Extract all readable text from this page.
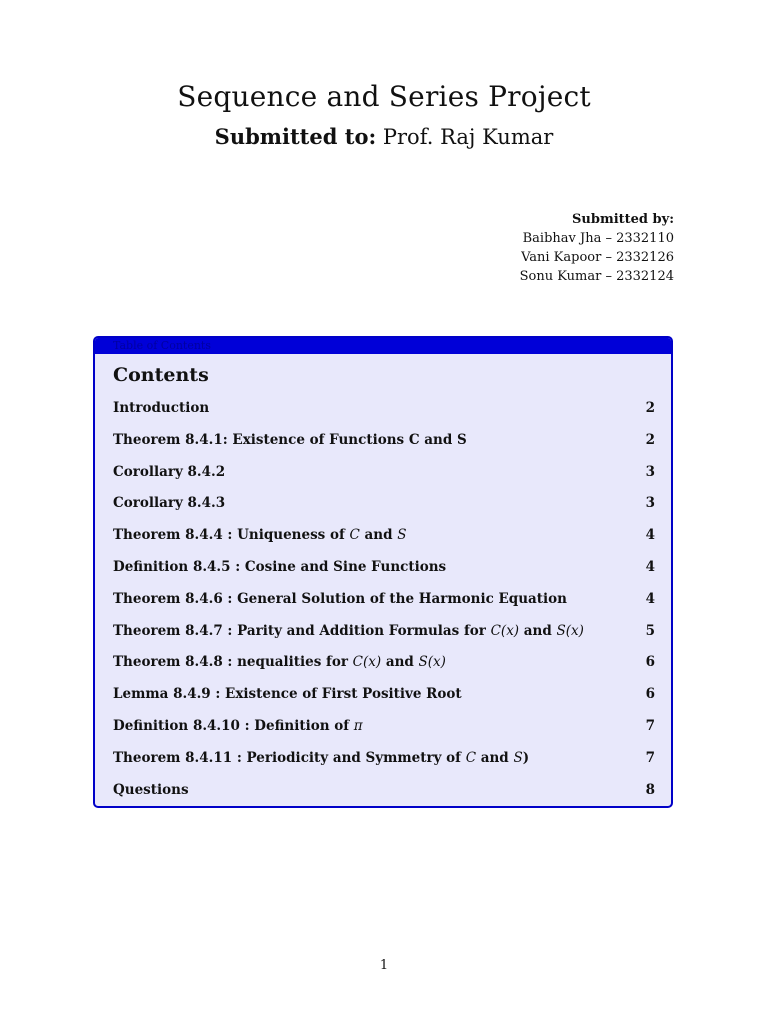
Sequence and Series Project
Submitted to: Prof. Raj Kumar
Submitted by:
Baibhav Jha – 2332110
Vani Kapoor – 2332126
Sonu Kumar – 2332124
Table of Contents
Contents
Introduction	2
Theorem 8.4.1: Existence of Functions C and S	2
Corollary 8.4.2	3
Corollary 8.4.3	3
Theorem 8.4.4 : Uniqueness of C and S	4
Definition 8.4.5 : Cosine and Sine Functions	4
Theorem 8.4.6 : General Solution of the Harmonic Equation	4
Theorem 8.4.7 : Parity and Addition Formulas for C(x) and S(x)	5
Theorem 8.4.8 : nequalities for C(x) and S(x)	6
Lemma 8.4.9 : Existence of First Positive Root	6
Definition 8.4.10 : Definition of π	7
Theorem 8.4.11 : Periodicity and Symmetry of C and S)	7
Questions	8
1
